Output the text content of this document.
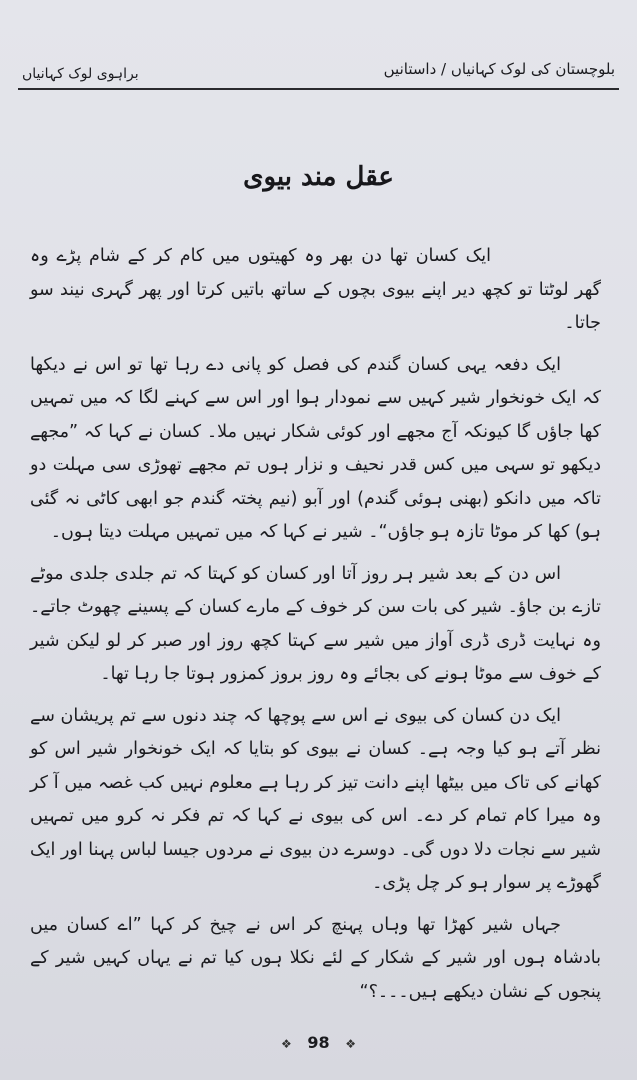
بلوچستان کی لوک کہانیاں / داستانیں
براہوی لوک کہانیاں
عقل مند بیوی

ایک کسان تھا دن بھر وہ کھیتوں میں کام کر کے شام پڑے وہ گھر لوٹتا تو کچھ دیر اپنے بیوی بچوں کے ساتھ باتیں کرتا اور پھر گہری نیند سو جاتا۔

ایک دفعہ یہی کسان گندم کی فصل کو پانی دے رہا تھا تو اس نے دیکھا کہ ایک خونخوار شیر کہیں سے نمودار ہوا اور اس سے کہنے لگا کہ میں تمہیں کھا جاؤں گا کیونکہ آج مجھے اور کوئی شکار نہیں ملا۔ کسان نے کہا کہ ”مجھے دیکھو تو سہی میں کس قدر نحیف و نزار ہوں تم مجھے تھوڑی سی مہلت دو تاکہ میں دانکو (بھنی ہوئی گندم) اور آبو (نیم پختہ گندم جو ابھی کاٹی نہ گئی ہو) کھا کر موٹا تازہ ہو جاؤں“۔ شیر نے کہا کہ میں تمہیں مہلت دیتا ہوں۔

اس دن کے بعد شیر ہر روز آتا اور کسان کو کہتا کہ تم جلدی جلدی موٹے تازے بن جاؤ۔ شیر کی بات سن کر خوف کے مارے کسان کے پسینے چھوٹ جاتے۔ وہ نہایت ڈری ڈری آواز میں شیر سے کہتا کچھ روز اور صبر کر لو لیکن شیر کے خوف سے موٹا ہونے کی بجائے وہ روز بروز کمزور ہوتا جا رہا تھا۔

ایک دن کسان کی بیوی نے اس سے پوچھا کہ چند دنوں سے تم پریشان سے نظر آتے ہو کیا وجہ ہے۔ کسان نے بیوی کو بتایا کہ ایک خونخوار شیر اس کو کھانے کی تاک میں بیٹھا اپنے دانت تیز کر رہا ہے معلوم نہیں کب غصہ میں آ کر وہ میرا کام تمام کر دے۔ اس کی بیوی نے کہا کہ تم فکر نہ کرو میں تمہیں شیر سے نجات دلا دوں گی۔ دوسرے دن بیوی نے مردوں جیسا لباس پہنا اور ایک گھوڑے پر سوار ہو کر چل پڑی۔

جہاں شیر کھڑا تھا وہاں پہنچ کر اس نے چیخ کر کہا ”اے کسان میں بادشاہ ہوں اور شیر کے شکار کے لئے نکلا ہوں کیا تم نے یہاں کہیں شیر کے پنجوں کے نشان دیکھے ہیں۔۔۔؟“

❖ 98 ❖
